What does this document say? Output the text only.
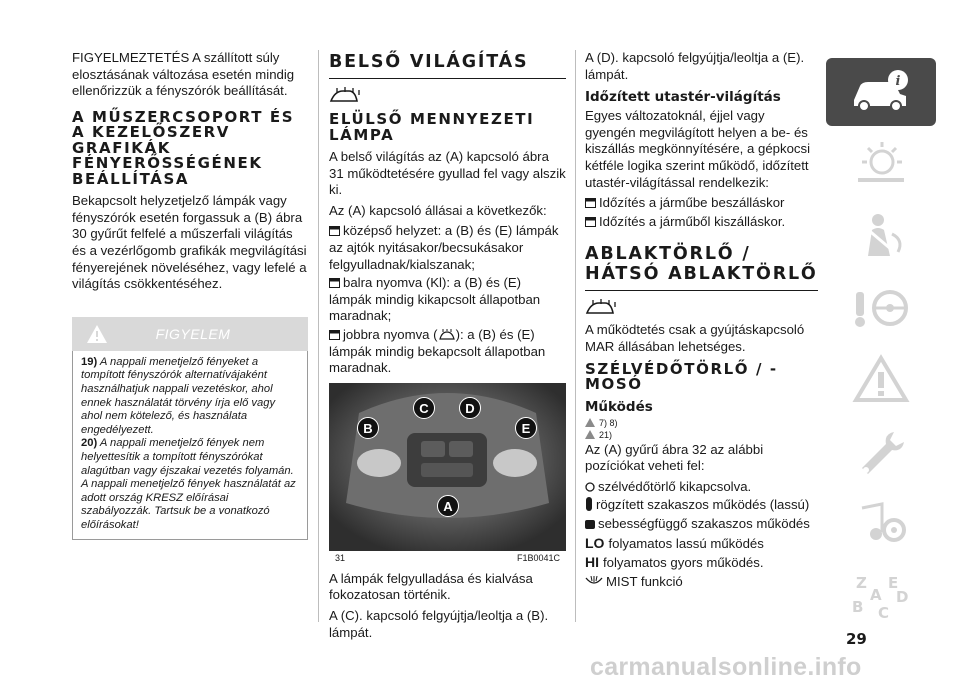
FIGYELMEZTETÉS A szállított súly elosztásának változása esetén mindig ellenőrizzük a fényszórók beállítását.

A MŰSZERCSOPORT ÉS A KEZELŐSZERV GRAFIKÁK FÉNYERŐSSÉGÉNEK BEÁLLÍTÁSA

Bekapcsolt helyzetjelző lámpák vagy fényszórók esetén forgassuk a (B) ábra 30 gyűrűt felfelé a műszerfali világítás és a vezérlőgomb grafikák megvilágítási fényerejének növeléséhez, vagy lefelé a világítás csökkentéséhez.

FIGYELEM
19) A nappali menetjelző fényeket a tompított fényszórók alternatívájaként használhatjuk nappali vezetéskor, ahol ennek használatát törvény írja elő vagy ahol nem kötelező, és használata engedélyezett.
20) A nappali menetjelző fények nem helyettesítik a tompított fényszórókat alagútban vagy éjszakai vezetés folyamán. A nappali menetjelző fények használatát az adott ország KRESZ előírásai szabályozzák. Tartsuk be a vonatkozó előírásokat!
BELSŐ VILÁGÍTÁS
ELÜLSŐ MENNYEZETI LÁMPA

A belső világítás az (A) kapcsoló ábra 31 működtetésére gyullad fel vagy alszik ki.

Az (A) kapcsoló állásai a következők:

középső helyzet: a (B) és (E) lámpák az ajtók nyitásakor/becsukásakor felgyulladnak/kialszanak;
balra nyomva (Kl): a (B) és (E) lámpák mindig kikapcsolt állapotban maradnak;
jobbra nyomva ( ): a (B) és (E) lámpák mindig bekapcsolt állapotban maradnak.
B
C	D
E
A
31	F1B0041C

A lámpák felgyulladása és kialvása fokozatosan történik.

A (C). kapcsoló felgyújtja/leoltja a (B). lámpát.

A (D). kapcsoló felgyújtja/leoltja a (E). lámpát.

Időzített utastér-világítás

Egyes változatoknál, éjjel vagy gyengén megvilágított helyen a be- és kiszállás megkönnyítésére, a gépkocsi kétféle logika szerint működő, időzített utastér-világítással rendelkezik:

Időzítés a járműbe beszálláskor
Időzítés a járműből kiszálláskor.
ABLAKTÖRLŐ / HÁTSÓ ABLAKTÖRLŐ

A működtetés csak a gyújtáskapcsoló MAR állásában lehetséges.

SZÉLVÉDŐTÖRLŐ / -MOSÓ
Működés
7) 8)
21)

Az (A) gyűrű ábra 32 az alábbi pozíciókat veheti fel:

szélvédőtörlő kikapcsolva.
rögzített szakaszos működés (lassú)
sebességfüggő szakaszos működés
LO folyamatos lassú működés
HI folyamatos gyors működés.
MIST funkció
i
Z E
A D
B C
29
carmanualsonline.info
